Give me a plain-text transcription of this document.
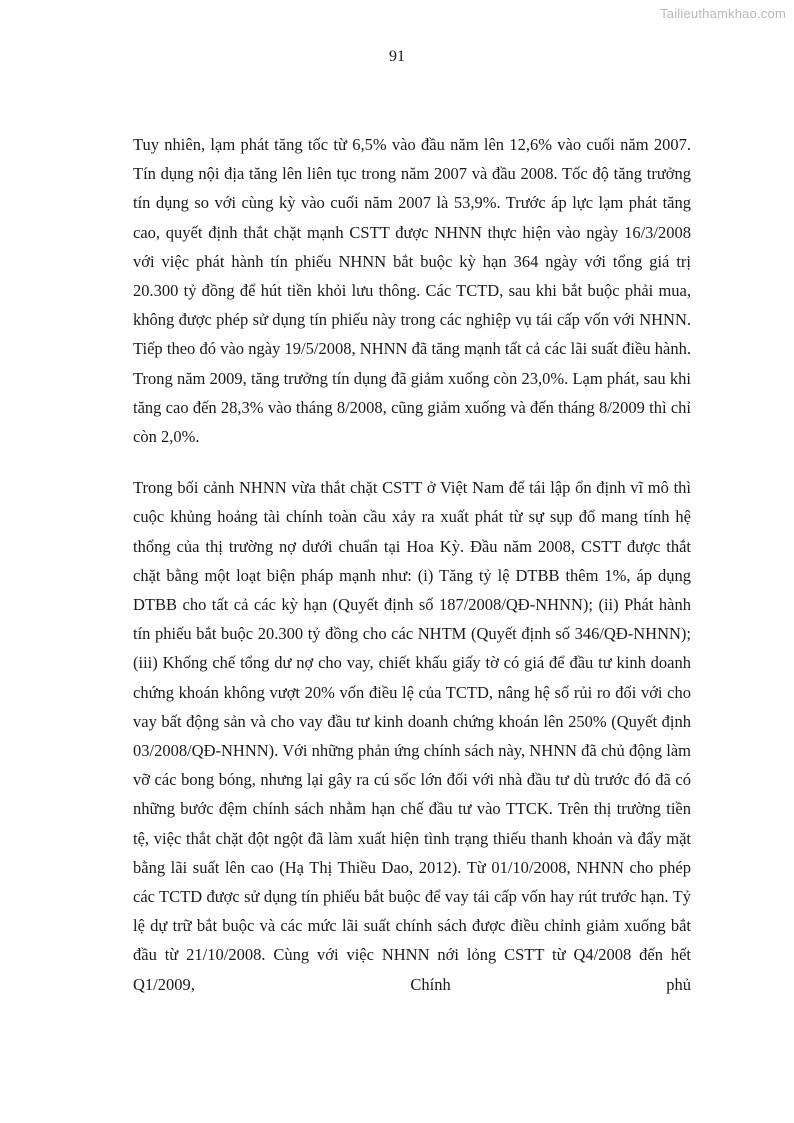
Tailieuthamkhao.com
91

Tuy nhiên, lạm phát tăng tốc từ 6,5% vào đầu năm lên 12,6% vào cuối năm 2007. Tín dụng nội địa tăng lên liên tục trong năm 2007 và đầu 2008. Tốc độ tăng trưởng tín dụng so với cùng kỳ vào cuối năm 2007 là 53,9%. Trước áp lực lạm phát tăng cao, quyết định thắt chặt mạnh CSTT được NHNN thực hiện vào ngày 16/3/2008 với việc phát hành tín phiếu NHNN bắt buộc kỳ hạn 364 ngày với tổng giá trị 20.300 tỷ đồng để hút tiền khỏi lưu thông. Các TCTD, sau khi bắt buộc phải mua, không được phép sử dụng tín phiếu này trong các nghiệp vụ tái cấp vốn với NHNN. Tiếp theo đó vào ngày 19/5/2008, NHNN đã tăng mạnh tất cả các lãi suất điều hành. Trong năm 2009, tăng trưởng tín dụng đã giảm xuống còn 23,0%. Lạm phát, sau khi tăng cao đến 28,3% vào tháng 8/2008, cũng giảm xuống và đến tháng 8/2009 thì chỉ còn 2,0%.

Trong bối cảnh NHNN vừa thắt chặt CSTT ở Việt Nam để tái lập ổn định vĩ mô thì cuộc khủng hoảng tài chính toàn cầu xảy ra xuất phát từ sự sụp đổ mang tính hệ thống của thị trường nợ dưới chuẩn tại Hoa Kỳ. Đầu năm 2008, CSTT được thắt chặt bằng một loạt biện pháp mạnh như: (i) Tăng tỷ lệ DTBB thêm 1%, áp dụng DTBB cho tất cả các kỳ hạn (Quyết định số 187/2008/QĐ-NHNN); (ii) Phát hành tín phiếu bắt buộc 20.300 tỷ đồng cho các NHTM (Quyết định số 346/QĐ-NHNN); (iii) Khống chế tổng dư nợ cho vay, chiết khấu giấy tờ có giá để đầu tư kinh doanh chứng khoán không vượt 20% vốn điều lệ của TCTD, nâng hệ số rủi ro đối với cho vay bất động sản và cho vay đầu tư kinh doanh chứng khoán lên 250% (Quyết định 03/2008/QĐ-NHNN). Với những phản ứng chính sách này, NHNN đã chủ động làm vỡ các bong bóng, nhưng lại gây ra cú sốc lớn đối với nhà đầu tư dù trước đó đã có những bước đệm chính sách nhằm hạn chế đầu tư vào TTCK. Trên thị trường tiền tệ, việc thắt chặt đột ngột đã làm xuất hiện tình trạng thiếu thanh khoản và đẩy mặt bằng lãi suất lên cao (Hạ Thị Thiều Dao, 2012). Từ 01/10/2008, NHNN cho phép các TCTD được sử dụng tín phiếu bắt buộc để vay tái cấp vốn hay rút trước hạn. Tỷ lệ dự trữ bắt buộc và các mức lãi suất chính sách được điều chỉnh giảm xuống bắt đầu từ 21/10/2008. Cùng với việc NHNN nới lỏng CSTT từ Q4/2008 đến hết Q1/2009, Chính phủ
